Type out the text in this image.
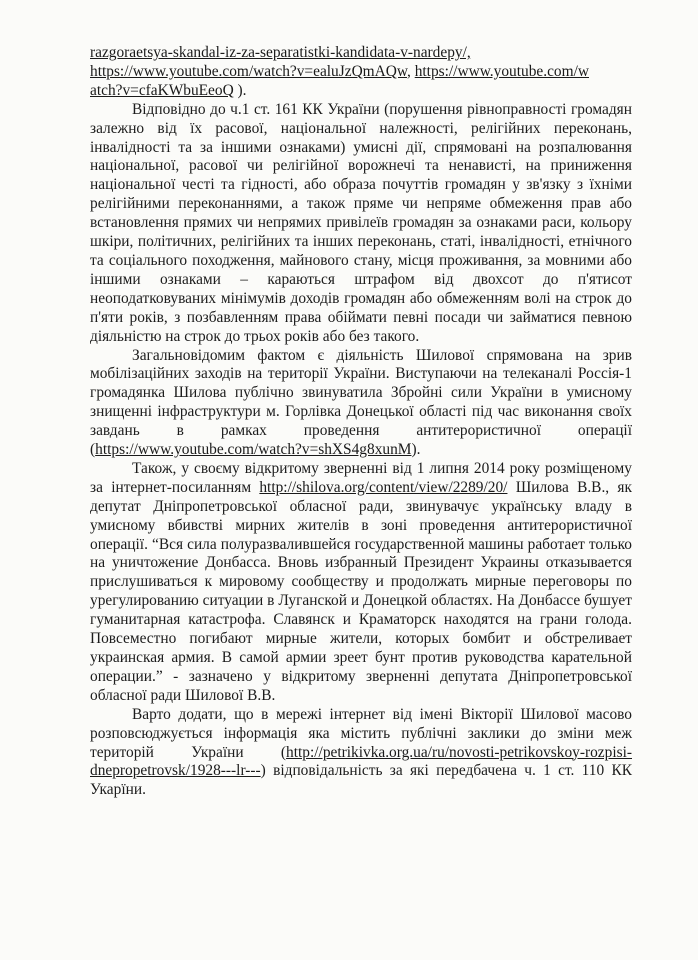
razgoraetsya-skandal-iz-za-separatistki-kandidata-v-nardepy/,
https://www.youtube.com/watch?v=ealuJzQmAQw, https://www.youtube.com/w
atch?v=cfaKWbuEeoQ ).

Відповідно до ч.1 ст. 161 КК України (порушення рівноправності громадян залежно від їх расової, національної належності, релігійних переконань, інвалідності та за іншими ознаками) умисні дії, спрямовані на розпалювання національної, расової чи релігійної ворожнечі та ненависті, на приниження національної честі та гідності, або образа почуттів громадян у зв'язку з їхніми релігійними переконаннями, а також пряме чи непряме обмеження прав або встановлення прямих чи непрямих привілеїв громадян за ознаками раси, кольору шкіри, політичних, релігійних та інших переконань, статі, інвалідності, етнічного та соціального походження, майнового стану, місця проживання, за мовними або іншими ознаками – караються штрафом від двохсот до п'ятисот неоподатковуваних мінімумів доходів громадян або обмеженням волі на строк до п'яти років, з позбавленням права обіймати певні посади чи займатися певною діяльністю на строк до трьох років або без такого.

Загальновідомим фактом є діяльність Шилової спрямована на зрив мобілізаційних заходів на території України. Виступаючи на телеканалі Россія-1 громадянка Шилова публічно звинуватила Збройні сили України в умисному знищенні інфраструктури м. Горлівка Донецької області під час виконання своїх завдань в рамках проведення антитерористичної операції (https://www.youtube.com/watch?v=shXS4g8xunM).

Також, у своєму відкритому зверненні від 1 липня 2014 року розміщеному за інтернет-посиланням http://shilova.org/content/view/2289/20/ Шилова В.В., як депутат Дніпропетровської обласної ради, звинувачує українську владу в умисному вбивстві мирних жителів в зоні проведення антитерористичної операції. “Вся сила полуразвалившейся государственной машины работает только на уничтожение Донбасса. Вновь избранный Президент Украины отказывается прислушиваться к мировому сообществу и продолжать мирные переговоры по урегулированию ситуации в Луганской и Донецкой областях. На Донбассе бушует гуманитарная катастрофа. Славянск и Краматорск находятся на грани голода. Повсеместно погибают мирные жители, которых бомбит и обстреливает украинская армия. В самой армии зреет бунт против руководства карательной операции.” - зазначено у відкритому зверненні депутата Дніпропетровської обласної ради Шилової В.В.

Варто додати, що в мережі інтернет від імені Вікторії Шилової масово розповсюджується інформація яка містить публічні заклики до зміни меж територій України (http://petrikivka.org.ua/ru/novosti-petrikovskoy-rozpisi-dnepropetrovsk/1928---lr---) відповідальність за які передбачена ч. 1 ст. 110 КК Укарїни.
